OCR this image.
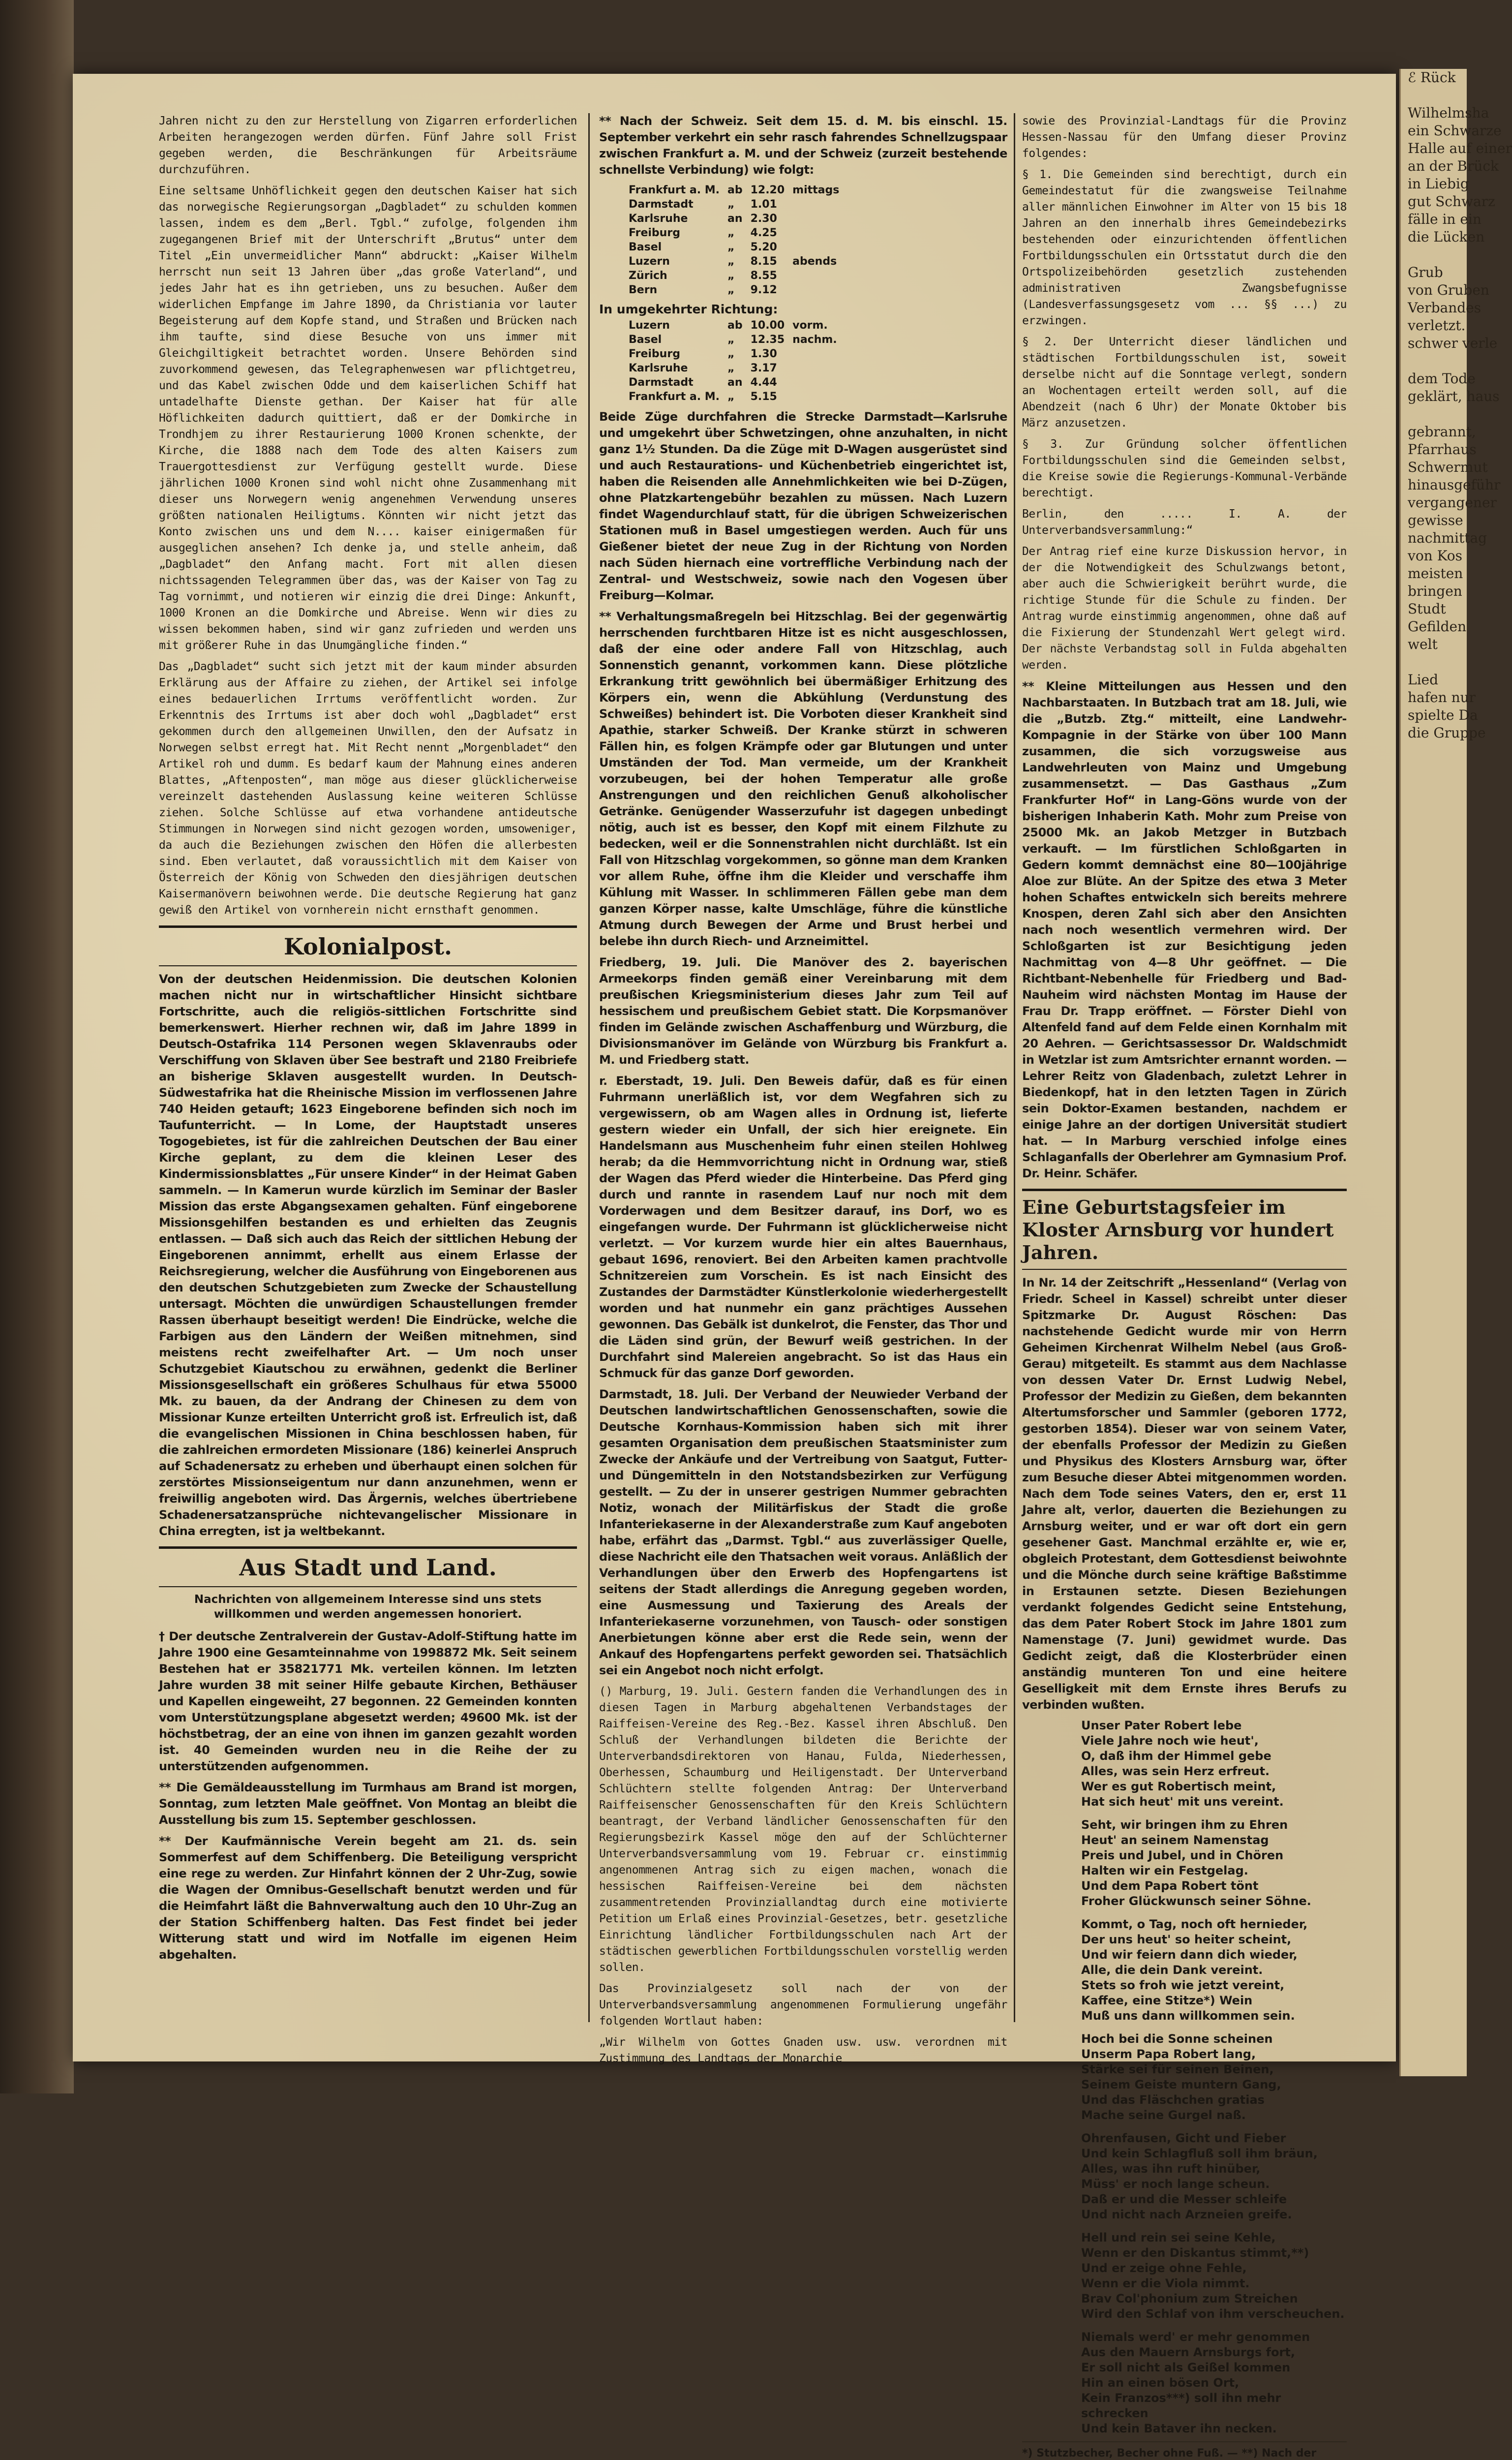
Jahren nicht zu den zur Herstellung von Zigarren erforderlichen Arbeiten herangezogen werden dürfen. Fünf Jahre soll Frist gegeben werden, die Beschränkungen für Arbeitsräume durchzuführen.

Eine seltsame Unhöflichkeit gegen den deutschen Kaiser hat sich das norwegische Regierungsorgan „Dagbladet“ zu schulden kommen lassen, indem es dem „Berl. Tgbl.“ zufolge, folgenden ihm zugegangenen Brief mit der Unterschrift „Brutus“ unter dem Titel „Ein unvermeidlicher Mann“ abdruckt: „Kaiser Wilhelm herrscht nun seit 13 Jahren über „das große Vaterland“, und jedes Jahr hat es ihn getrieben, uns zu besuchen. Außer dem widerlichen Empfange im Jahre 1890, da Christiania vor lauter Begeisterung auf dem Kopfe stand, und Straßen und Brücken nach ihm taufte, sind diese Besuche von uns immer mit Gleichgiltigkeit betrachtet worden. Unsere Behörden sind zuvorkommend gewesen, das Telegraphenwesen war pflichtgetreu, und das Kabel zwischen Odde und dem kaiserlichen Schiff hat untadelhafte Dienste gethan. Der Kaiser hat für alle Höflichkeiten dadurch quittiert, daß er der Domkirche in Trondhjem zu ihrer Restaurierung 1000 Kronen schenkte, der Kirche, die 1888 nach dem Tode des alten Kaisers zum Trauergottesdienst zur Verfügung gestellt wurde. Diese jährlichen 1000 Kronen sind wohl nicht ohne Zusammenhang mit dieser uns Norwegern wenig angenehmen Verwendung unseres größten nationalen Heiligtums. Könnten wir nicht jetzt das Konto zwischen uns und dem N.... kaiser einigermaßen für ausgeglichen ansehen? Ich denke ja, und stelle anheim, daß „Dagbladet“ den Anfang macht. Fort mit allen diesen nichtssagenden Telegrammen über das, was der Kaiser von Tag zu Tag vornimmt, und notieren wir einzig die drei Dinge: Ankunft, 1000 Kronen an die Domkirche und Abreise. Wenn wir dies zu wissen bekommen haben, sind wir ganz zufrieden und werden uns mit größerer Ruhe in das Unumgängliche finden.“

Das „Dagbladet“ sucht sich jetzt mit der kaum minder absurden Erklärung aus der Affaire zu ziehen, der Artikel sei infolge eines bedauerlichen Irrtums veröffentlicht worden. Zur Erkenntnis des Irrtums ist aber doch wohl „Dagbladet“ erst gekommen durch den allgemeinen Unwillen, den der Aufsatz in Norwegen selbst erregt hat. Mit Recht nennt „Morgenbladet“ den Artikel roh und dumm. Es bedarf kaum der Mahnung eines anderen Blattes, „Aftenposten“, man möge aus dieser glücklicherweise vereinzelt dastehenden Auslassung keine weiteren Schlüsse ziehen. Solche Schlüsse auf etwa vorhandene antideutsche Stimmungen in Norwegen sind nicht gezogen worden, umsoweniger, da auch die Beziehungen zwischen den Höfen die allerbesten sind. Eben verlautet, daß voraussichtlich mit dem Kaiser von Österreich der König von Schweden den diesjährigen deutschen Kaisermanövern beiwohnen werde. Die deutsche Regierung hat ganz gewiß den Artikel von vornherein nicht ernsthaft genommen.

Kolonialpost.

Von der deutschen Heidenmission. Die deutschen Kolonien machen nicht nur in wirtschaftlicher Hinsicht sichtbare Fortschritte, auch die religiös-sittlichen Fortschritte sind bemerkenswert. Hierher rechnen wir, daß im Jahre 1899 in Deutsch-Ostafrika 114 Personen wegen Sklavenraubs oder Verschiffung von Sklaven über See bestraft und 2180 Freibriefe an bisherige Sklaven ausgestellt wurden. In Deutsch-Südwestafrika hat die Rheinische Mission im verflossenen Jahre 740 Heiden getauft; 1623 Eingeborene befinden sich noch im Taufunterricht. — In Lome, der Hauptstadt unseres Togogebietes, ist für die zahlreichen Deutschen der Bau einer Kirche geplant, zu dem die kleinen Leser des Kindermissionsblattes „Für unsere Kinder“ in der Heimat Gaben sammeln. — In Kamerun wurde kürzlich im Seminar der Basler Mission das erste Abgangsexamen gehalten. Fünf eingeborene Missionsgehilfen bestanden es und erhielten das Zeugnis entlassen. — Daß sich auch das Reich der sittlichen Hebung der Eingeborenen annimmt, erhellt aus einem Erlasse der Reichsregierung, welcher die Ausführung von Eingeborenen aus den deutschen Schutzgebieten zum Zwecke der Schaustellung untersagt. Möchten die unwürdigen Schaustellungen fremder Rassen überhaupt beseitigt werden! Die Eindrücke, welche die Farbigen aus den Ländern der Weißen mitnehmen, sind meistens recht zweifelhafter Art. — Um noch unser Schutzgebiet Kiautschou zu erwähnen, gedenkt die Berliner Missionsgesellschaft ein größeres Schulhaus für etwa 55000 Mk. zu bauen, da der Andrang der Chinesen zu dem von Missionar Kunze erteilten Unterricht groß ist. Erfreulich ist, daß die evangelischen Missionen in China beschlossen haben, für die zahlreichen ermordeten Missionare (186) keinerlei Anspruch auf Schadenersatz zu erheben und überhaupt einen solchen für zerstörtes Missionseigentum nur dann anzunehmen, wenn er freiwillig angeboten wird. Das Ärgernis, welches übertriebene Schadenersatzansprüche nichtevangelischer Missionare in China erregten, ist ja weltbekannt.

Aus Stadt und Land.
Nachrichten von allgemeinem Interesse sind uns stets willkommen und werden angemessen honoriert.

† Der deutsche Zentralverein der Gustav-Adolf-Stiftung hatte im Jahre 1900 eine Gesamteinnahme von 1998872 Mk. Seit seinem Bestehen hat er 35821771 Mk. verteilen können. Im letzten Jahre wurden 38 mit seiner Hilfe gebaute Kirchen, Bethäuser und Kapellen eingeweiht, 27 begonnen. 22 Gemeinden konnten vom Unterstützungsplane abgesetzt werden; 49600 Mk. ist der höchstbetrag, der an eine von ihnen im ganzen gezahlt worden ist. 40 Gemeinden wurden neu in die Reihe der zu unterstützenden aufgenommen.

** Die Gemäldeausstellung im Turmhaus am Brand ist morgen, Sonntag, zum letzten Male geöffnet. Von Montag an bleibt die Ausstellung bis zum 15. September geschlossen.

** Der Kaufmännische Verein begeht am 21. ds. sein Sommerfest auf dem Schiffenberg. Die Beteiligung verspricht eine rege zu werden. Zur Hinfahrt können der 2 Uhr-Zug, sowie die Wagen der Omnibus-Gesellschaft benutzt werden und für die Heimfahrt läßt die Bahnverwaltung auch den 10 Uhr-Zug an der Station Schiffenberg halten. Das Fest findet bei jeder Witterung statt und wird im Notfalle im eigenen Heim abgehalten.

** Nach der Schweiz. Seit dem 15. d. M. bis einschl. 15. September verkehrt ein sehr rasch fahrendes Schnellzugspaar zwischen Frankfurt a. M. und der Schweiz (zurzeit bestehende schnellste Verbindung) wie folgt:

Frankfurt a. M.	ab	12.20	mittags
Darmstadt	„	1.01	
Karlsruhe	an	2.30	
Freiburg	„	4.25	
Basel	„	5.20	
Luzern	„	8.15	abends
Zürich	„	8.55	
Bern	„	9.12	
In umgekehrter Richtung:
Luzern	ab	10.00	vorm.
Basel	„	12.35	nachm.
Freiburg	„	1.30	
Karlsruhe	„	3.17	
Darmstadt	an	4.44	
Frankfurt a. M.	„	5.15	

Beide Züge durchfahren die Strecke Darmstadt—Karlsruhe und umgekehrt über Schwetzingen, ohne anzuhalten, in nicht ganz 1½ Stunden. Da die Züge mit D-Wagen ausgerüstet sind und auch Restaurations- und Küchenbetrieb eingerichtet ist, haben die Reisenden alle Annehmlichkeiten wie bei D-Zügen, ohne Platzkartengebühr bezahlen zu müssen. Nach Luzern findet Wagendurchlauf statt, für die übrigen Schweizerischen Stationen muß in Basel umgestiegen werden. Auch für uns Gießener bietet der neue Zug in der Richtung von Norden nach Süden hiernach eine vortreffliche Verbindung nach der Zentral- und Westschweiz, sowie nach den Vogesen über Freiburg—Kolmar.

** Verhaltungsmaßregeln bei Hitzschlag. Bei der gegenwärtig herrschenden furchtbaren Hitze ist es nicht ausgeschlossen, daß der eine oder andere Fall von Hitzschlag, auch Sonnenstich genannt, vorkommen kann. Diese plötzliche Erkrankung tritt gewöhnlich bei übermäßiger Erhitzung des Körpers ein, wenn die Abkühlung (Verdunstung des Schweißes) behindert ist. Die Vorboten dieser Krankheit sind Apathie, starker Schweiß. Der Kranke stürzt in schweren Fällen hin, es folgen Krämpfe oder gar Blutungen und unter Umständen der Tod. Man vermeide, um der Krankheit vorzubeugen, bei der hohen Temperatur alle große Anstrengungen und den reichlichen Genuß alkoholischer Getränke. Genügender Wasserzufuhr ist dagegen unbedingt nötig, auch ist es besser, den Kopf mit einem Filzhute zu bedecken, weil er die Sonnenstrahlen nicht durchläßt. Ist ein Fall von Hitzschlag vorgekommen, so gönne man dem Kranken vor allem Ruhe, öffne ihm die Kleider und verschaffe ihm Kühlung mit Wasser. In schlimmeren Fällen gebe man dem ganzen Körper nasse, kalte Umschläge, führe die künstliche Atmung durch Bewegen der Arme und Brust herbei und belebe ihn durch Riech- und Arzneimittel.

Friedberg, 19. Juli. Die Manöver des 2. bayerischen Armeekorps finden gemäß einer Vereinbarung mit dem preußischen Kriegsministerium dieses Jahr zum Teil auf hessischem und preußischem Gebiet statt. Die Korpsmanöver finden im Gelände zwischen Aschaffenburg und Würzburg, die Divisionsmanöver im Gelände von Würzburg bis Frankfurt a. M. und Friedberg statt.

r. Eberstadt, 19. Juli. Den Beweis dafür, daß es für einen Fuhrmann unerläßlich ist, vor dem Wegfahren sich zu vergewissern, ob am Wagen alles in Ordnung ist, lieferte gestern wieder ein Unfall, der sich hier ereignete. Ein Handelsmann aus Muschenheim fuhr einen steilen Hohlweg herab; da die Hemmvorrichtung nicht in Ordnung war, stieß der Wagen das Pferd wieder die Hinterbeine. Das Pferd ging durch und rannte in rasendem Lauf nur noch mit dem Vorderwagen und dem Besitzer darauf, ins Dorf, wo es eingefangen wurde. Der Fuhrmann ist glücklicherweise nicht verletzt. — Vor kurzem wurde hier ein altes Bauernhaus, gebaut 1696, renoviert. Bei den Arbeiten kamen prachtvolle Schnitzereien zum Vorschein. Es ist nach Einsicht des Zustandes der Darmstädter Künstlerkolonie wiederhergestellt worden und hat nunmehr ein ganz prächtiges Aussehen gewonnen. Das Gebälk ist dunkelrot, die Fenster, das Thor und die Läden sind grün, der Bewurf weiß gestrichen. In der Durchfahrt sind Malereien angebracht. So ist das Haus ein Schmuck für das ganze Dorf geworden.

Darmstadt, 18. Juli. Der Verband der Neuwieder Verband der Deutschen landwirtschaftlichen Genossenschaften, sowie die Deutsche Kornhaus-Kommission haben sich mit ihrer gesamten Organisation dem preußischen Staatsminister zum Zwecke der Ankäufe und der Vertreibung von Saatgut, Futter- und Düngemitteln in den Notstandsbezirken zur Verfügung gestellt. — Zu der in unserer gestrigen Nummer gebrachten Notiz, wonach der Militärfiskus der Stadt die große Infanteriekaserne in der Alexanderstraße zum Kauf angeboten habe, erfährt das „Darmst. Tgbl.“ aus zuverlässiger Quelle, diese Nachricht eile den Thatsachen weit voraus. Anläßlich der Verhandlungen über den Erwerb des Hopfengartens ist seitens der Stadt allerdings die Anregung gegeben worden, eine Ausmessung und Taxierung des Areals der Infanteriekaserne vorzunehmen, von Tausch- oder sonstigen Anerbietungen könne aber erst die Rede sein, wenn der Ankauf des Hopfengartens perfekt geworden sei. Thatsächlich sei ein Angebot noch nicht erfolgt.

() Marburg, 19. Juli. Gestern fanden die Verhandlungen des in diesen Tagen in Marburg abgehaltenen Verbandstages der Raiffeisen-Vereine des Reg.-Bez. Kassel ihren Abschluß. Den Schluß der Verhandlungen bildeten die Berichte der Unterverbandsdirektoren von Hanau, Fulda, Niederhessen, Oberhessen, Schaumburg und Heiligenstadt. Der Unterverband Schlüchtern stellte folgenden Antrag: Der Unterverband Raiffeisenscher Genossenschaften für den Kreis Schlüchtern beantragt, der Verband ländlicher Genossenschaften für den Regierungsbezirk Kassel möge den auf der Schlüchterner Unterverbandsversammlung vom 19. Februar cr. einstimmig angenommenen Antrag sich zu eigen machen, wonach die hessischen Raiffeisen-Vereine bei dem nächsten zusammentretenden Provinziallandtag durch eine motivierte Petition um Erlaß eines Provinzial-Gesetzes, betr. gesetzliche Einrichtung ländlicher Fortbildungsschulen nach Art der städtischen gewerblichen Fortbildungsschulen vorstellig werden sollen.

Das Provinzialgesetz soll nach der von der Unterverbandsversammlung angenommenen Formulierung ungefähr folgenden Wortlaut haben:

„Wir Wilhelm von Gottes Gnaden usw. usw. verordnen mit Zustimmung des Landtags der Monarchie

sowie des Provinzial-Landtags für die Provinz Hessen-Nassau für den Umfang dieser Provinz folgendes:

§ 1. Die Gemeinden sind berechtigt, durch ein Gemeindestatut für die zwangsweise Teilnahme aller männlichen Einwohner im Alter von 15 bis 18 Jahren an den innerhalb ihres Gemeindebezirks bestehenden oder einzurichtenden öffentlichen Fortbildungsschulen ein Ortsstatut durch die den Ortspolizeibehörden gesetzlich zustehenden administrativen Zwangsbefugnisse (Landesverfassungsgesetz vom ... §§ ...) zu erzwingen.

§ 2. Der Unterricht dieser ländlichen und städtischen Fortbildungsschulen ist, soweit derselbe nicht auf die Sonntage verlegt, sondern an Wochentagen erteilt werden soll, auf die Abendzeit (nach 6 Uhr) der Monate Oktober bis März anzusetzen.

§ 3. Zur Gründung solcher öffentlichen Fortbildungsschulen sind die Gemeinden selbst, die Kreise sowie die Regierungs-Kommunal-Verbände berechtigt.

Berlin, den ..... I. A. der Unterverbandsversammlung:“

Der Antrag rief eine kurze Diskussion hervor, in der die Notwendigkeit des Schulzwangs betont, aber auch die Schwierigkeit berührt wurde, die richtige Stunde für die Schule zu finden. Der Antrag wurde einstimmig angenommen, ohne daß auf die Fixierung der Stundenzahl Wert gelegt wird. Der nächste Verbandstag soll in Fulda abgehalten werden.

** Kleine Mitteilungen aus Hessen und den Nachbarstaaten. In Butzbach trat am 18. Juli, wie die „Butzb. Ztg.“ mitteilt, eine Landwehr-Kompagnie in der Stärke von über 100 Mann zusammen, die sich vorzugsweise aus Landwehrleuten von Mainz und Umgebung zusammensetzt. — Das Gasthaus „Zum Frankfurter Hof“ in Lang-Göns wurde von der bisherigen Inhaberin Kath. Mohr zum Preise von 25000 Mk. an Jakob Metzger in Butzbach verkauft. — Im fürstlichen Schloßgarten in Gedern kommt demnächst eine 80—100jährige Aloe zur Blüte. An der Spitze des etwa 3 Meter hohen Schaftes entwickeln sich bereits mehrere Knospen, deren Zahl sich aber den Ansichten nach noch wesentlich vermehren wird. Der Schloßgarten ist zur Besichtigung jeden Nachmittag von 4—8 Uhr geöffnet. — Die Richtbant-Nebenhelle für Friedberg und Bad-Nauheim wird nächsten Montag im Hause der Frau Dr. Trapp eröffnet. — Förster Diehl von Altenfeld fand auf dem Felde einen Kornhalm mit 20 Aehren. — Gerichtsassessor Dr. Waldschmidt in Wetzlar ist zum Amtsrichter ernannt worden. — Lehrer Reitz von Gladenbach, zuletzt Lehrer in Biedenkopf, hat in den letzten Tagen in Zürich sein Doktor-Examen bestanden, nachdem er einige Jahre an der dortigen Universität studiert hat. — In Marburg verschied infolge eines Schlaganfalls der Oberlehrer am Gymnasium Prof. Dr. Heinr. Schäfer.

Eine Geburtstagsfeier im Kloster Arnsburg vor hundert Jahren.

In Nr. 14 der Zeitschrift „Hessenland“ (Verlag von Friedr. Scheel in Kassel) schreibt unter dieser Spitzmarke Dr. August Röschen: Das nachstehende Gedicht wurde mir von Herrn Geheimen Kirchenrat Wilhelm Nebel (aus Groß-Gerau) mitgeteilt. Es stammt aus dem Nachlasse von dessen Vater Dr. Ernst Ludwig Nebel, Professor der Medizin zu Gießen, dem bekannten Altertumsforscher und Sammler (geboren 1772, gestorben 1854). Dieser war von seinem Vater, der ebenfalls Professor der Medizin zu Gießen und Physikus des Klosters Arnsburg war, öfter zum Besuche dieser Abtei mitgenommen worden. Nach dem Tode seines Vaters, den er, erst 11 Jahre alt, verlor, dauerten die Beziehungen zu Arnsburg weiter, und er war oft dort ein gern gesehener Gast. Manchmal erzählte er, wie er, obgleich Protestant, dem Gottesdienst beiwohnte und die Mönche durch seine kräftige Baßstimme in Erstaunen setzte. Diesen Beziehungen verdankt folgendes Gedicht seine Entstehung, das dem Pater Robert Stock im Jahre 1801 zum Namenstage (7. Juni) gewidmet wurde. Das Gedicht zeigt, daß die Klosterbrüder einen anständig munteren Ton und eine heitere Geselligkeit mit dem Ernste ihres Berufs zu verbinden wußten.

Unser Pater Robert lebe
Viele Jahre noch wie heut',
O, daß ihm der Himmel gebe
Alles, was sein Herz erfreut.
Wer es gut Robertisch meint,
Hat sich heut' mit uns vereint.
Seht, wir bringen ihm zu Ehren
Heut' an seinem Namenstag
Preis und Jubel, und in Chören
Halten wir ein Festgelag.
Und dem Papa Robert tönt
Froher Glückwunsch seiner Söhne.
Kommt, o Tag, noch oft hernieder,
Der uns heut' so heiter scheint,
Und wir feiern dann dich wieder,
Alle, die dein Dank vereint.
Stets so froh wie jetzt vereint,
Kaffee, eine Stitze*) Wein
Muß uns dann willkommen sein.
Hoch bei die Sonne scheinen
Unserm Papa Robert lang,
Stärke sei für seinen Beinen,
Seinem Geiste muntern Gang,
Und das Fläschchen gratias
Mache seine Gurgel naß.
Ohrenfausen, Gicht und Fieber
Und kein Schlagfluß soll ihm bräun,
Alles, was ihn ruft hinüber,
Müss' er noch lange scheun.
Daß er und die Messer schleife
Und nicht nach Arzneien greife.
Hell und rein sei seine Kehle,
Wenn er den Diskantus stimmt,**)
Und er zeige ohne Fehle,
Wenn er die Viola nimmt.
Brav Col'phonium zum Streichen
Wird den Schlaf von ihm verscheuchen.
Niemals werd' er mehr genommen
Aus den Mauern Arnsburgs fort,
Er soll nicht als Geißel kommen
Hin an einen bösen Ort,
Kein Franzos***) soll ihn mehr schrecken
Und kein Bataver ihn necken.
*) Stutzbecher, Becher ohne Fuß. — **) Nach der

ℰ Rück

Wilhelmsha

ein Schwarze

Halle auf einer

an der Brück

in Liebig

gut Schwarz

fälle in ein

die Lücken

Grub

von Gruben

Verbandes

verletzt.

schwer verle

dem Tode

geklärt, haus

gebrannt,

Pfarrhaus

Schwermut

hinausgeführ

vergangener

gewisse

nachmittag

von Kos

meisten

bringen

Studt

Gefilden

welt

Lied

hafen nur

spielte Da

die Gruppe
